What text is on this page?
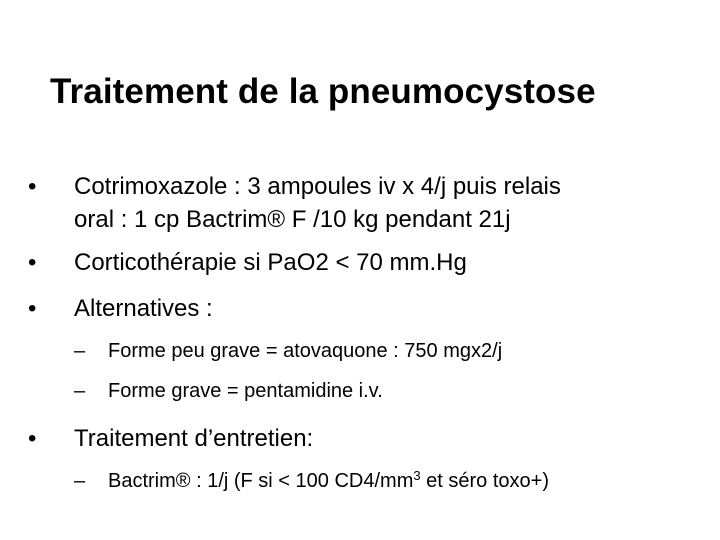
Traitement de la pneumocystose
•	Cotrimoxazole : 3 ampoules iv x 4/j puis relais
oral : 1 cp Bactrim® F /10 kg pendant 21j
•	Corticothérapie si PaO2 < 70 mm.Hg
•	Alternatives :
– Forme peu grave = atovaquone : 750 mgx2/j
– Forme grave = pentamidine i.v.
•	Traitement d’entretien:
– Bactrim® : 1/j (F si < 100 $CD4/mm^3$ et séro toxo+)
